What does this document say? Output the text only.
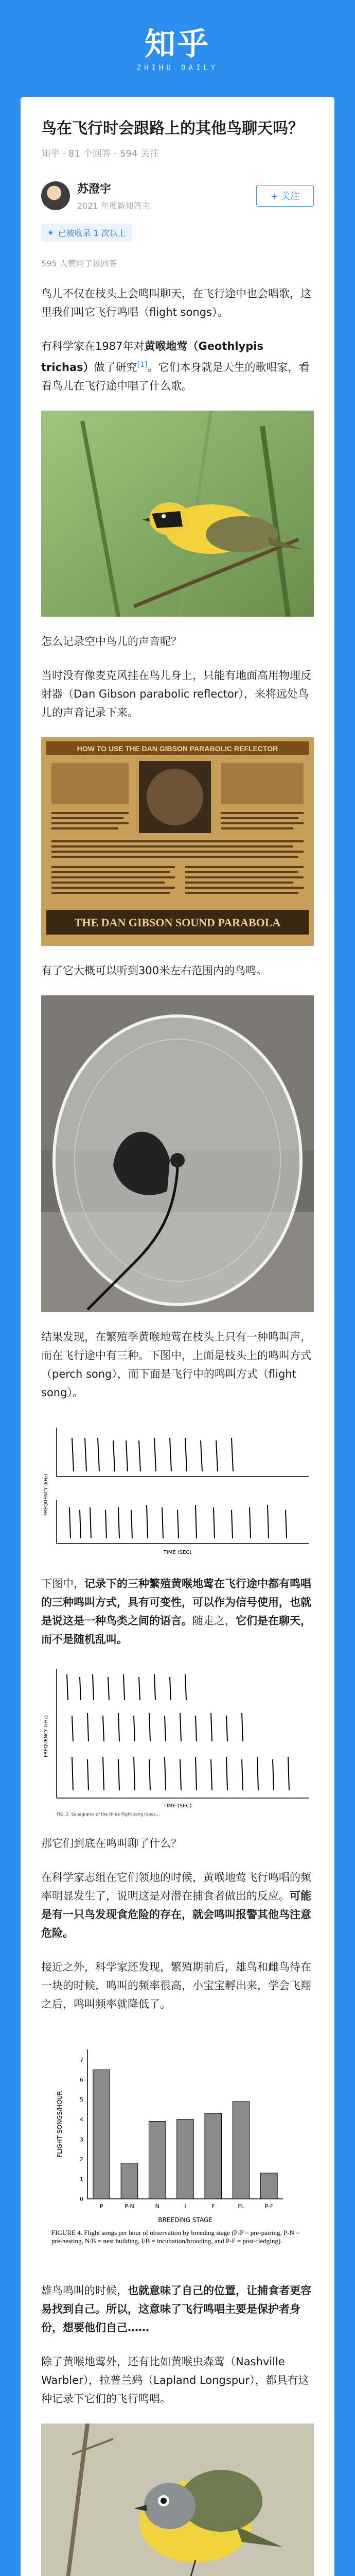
知乎
ZHIHU DAILY
鸟在飞行时会跟路上的其他鸟聊天吗？
知乎 · 81 个回答 · 594 关注
苏澄宇
2021 年度新知答主
+ 关注
★ 已被收录 1 次以上
595 人赞同了该回答

鸟儿不仅在枝头上会鸣叫聊天，在飞行途中也会唱歌，这里我们叫它飞行鸣唱（flight songs）。

有科学家在1987年对黄喉地莺（Geothlypis trichas）做了研究[1]。它们本身就是天生的歌唱家，看看鸟儿在飞行途中唱了什么歌。

怎么记录空中鸟儿的声音呢？

当时没有像麦克风挂在鸟儿身上，只能有地面高用物理反射器（Dan Gibson parabolic reflector），来将远处鸟儿的声音记录下来。

HOW TO USE THE DAN GIBSON PARABOLIC REFLECTOR
THE DAN GIBSON SOUND PARABOLA

有了它大概可以听到300米左右范围内的鸟鸣。

结果发现，在繁殖季黄喉地莺在枝头上只有一种鸣叫声，而在飞行途中有三种。下图中，上面是枝头上的鸣叫方式（perch song），而下面是飞行中的鸣叫方式（flight song）。

FREQUENCY (kHz)
TIME (SEC)

下图中，记录下的三种繁殖黄喉地莺在飞行途中都有鸣唱的三种鸣叫方式，具有可变性，可以作为信号使用，也就是说这是一种鸟类之间的语言。随走之，它们是在聊天，而不是随机乱叫。

FREQUENCY (kHz)
TIME (SEC)
FIG. 2. Sonagrams of the three flight song types...

那它们到底在鸣叫聊了什么？

在科学家志组在它们领地的时候，黄喉地莺飞行鸣唱的频率明显发生了，说明这是对潜在捕食者做出的反应。可能是有一只鸟发现食危险的存在，就会鸣叫报警其他鸟注意危险。

接近之外，科学家还发现，繁殖期前后，雄鸟和雌鸟待在一块的时候，鸣叫的频率很高，小宝宝孵出来，学会飞翔之后，鸣叫频率就降低了。

FLIGHT SONGS/HOUR
BREEDING STAGE
0
1
2
3
4
5
6
7
P	P-N	N	I	F	FL	P-F
FIGURE 4. Flight songs per hour of observation by breeding stage (P-P = pre-pairing, P-N = pre-nesting, N/B = nest building, I/B = incubation/brooding, and P-F = post-fledging).

雄鸟鸣叫的时候，也就意味了自己的位置，让捕食者更容易找到自己。所以，这意味了飞行鸣唱主要是保护者身份，想要他们自己……

除了黄喉地莺外，还有比如黄喉虫森莺（Nashville Warbler），拉普兰鹀（Lapland Longspur），都具有这种记录下它们的飞行鸣唱。
